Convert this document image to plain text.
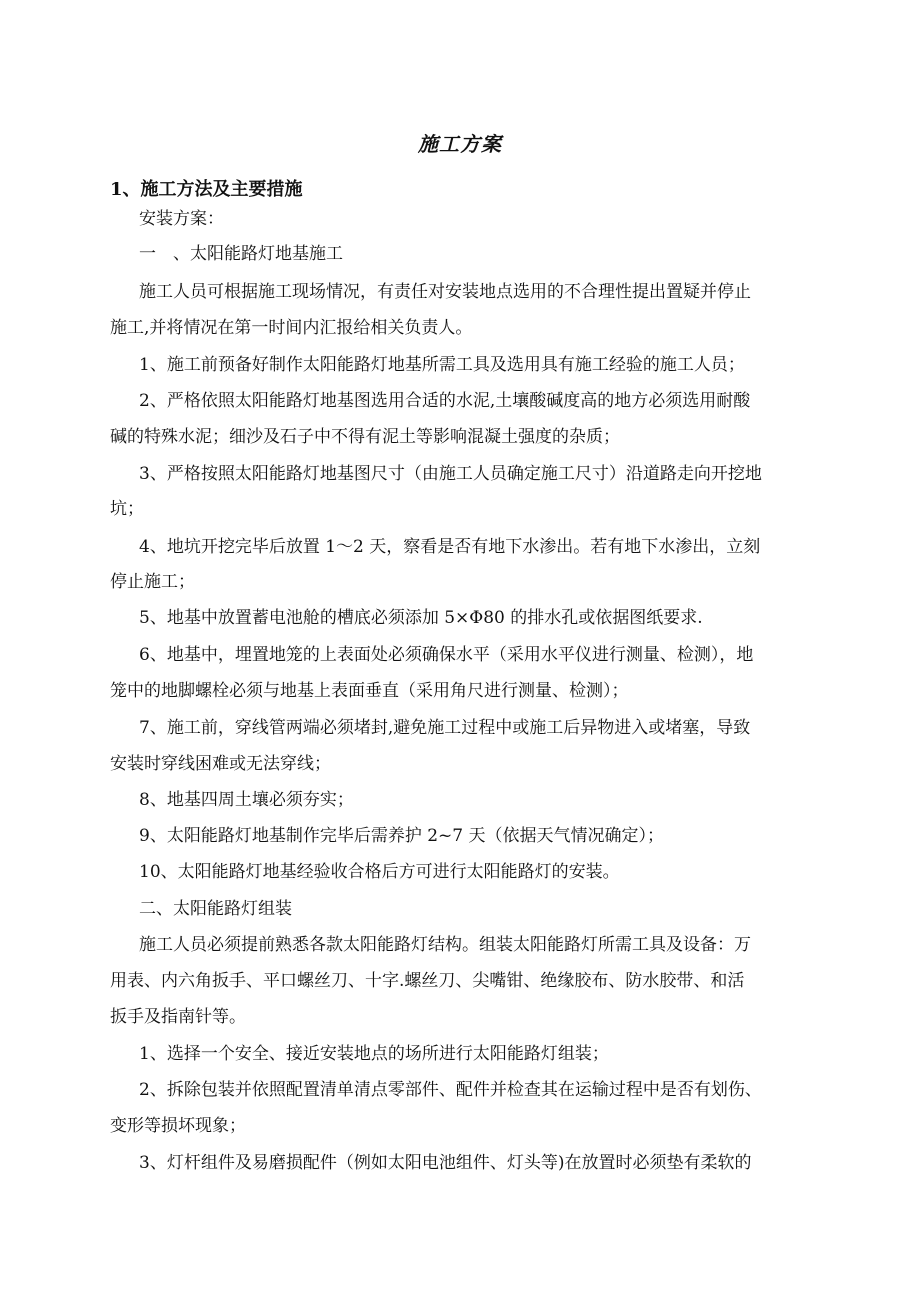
施工方案
1、施工方法及主要措施
安装方案：
一　、太阳能路灯地基施工
施工人员可根据施工现场情况，有责任对安装地点选用的不合理性提出置疑并停止
施工,并将情况在第一时间内汇报给相关负责人。
1、施工前预备好制作太阳能路灯地基所需工具及选用具有施工经验的施工人员；
2、严格依照太阳能路灯地基图选用合适的水泥,土壤酸碱度高的地方必须选用耐酸
碱的特殊水泥；细沙及石子中不得有泥土等影响混凝土强度的杂质；
3、严格按照太阳能路灯地基图尺寸（由施工人员确定施工尺寸）沿道路走向开挖地
坑；
4、地坑开挖完毕后放置 1～2 天，察看是否有地下水渗出。若有地下水渗出，立刻
停止施工；
5、地基中放置蓄电池舱的槽底必须添加 5×Φ80 的排水孔或依据图纸要求.
6、地基中，埋置地笼的上表面处必须确保水平（采用水平仪进行测量、检测），地
笼中的地脚螺栓必须与地基上表面垂直（采用角尺进行测量、检测）；
7、施工前，穿线管两端必须堵封,避免施工过程中或施工后异物进入或堵塞，导致
安装时穿线困难或无法穿线；
8、地基四周土壤必须夯实；
9、太阳能路灯地基制作完毕后需养护 2~7 天（依据天气情况确定）；
10、太阳能路灯地基经验收合格后方可进行太阳能路灯的安装。
二、太阳能路灯组装
施工人员必须提前熟悉各款太阳能路灯结构。组装太阳能路灯所需工具及设备：万
用表、内六角扳手、平口螺丝刀、十字.螺丝刀、尖嘴钳、绝缘胶布、防水胶带、和活
扳手及指南针等。
1、选择一个安全、接近安装地点的场所进行太阳能路灯组装；
2、拆除包装并依照配置清单清点零部件、配件并检查其在运输过程中是否有划伤、
变形等损坏现象；
3、灯杆组件及易磨损配件（例如太阳电池组件、灯头等)在放置时必须垫有柔软的
